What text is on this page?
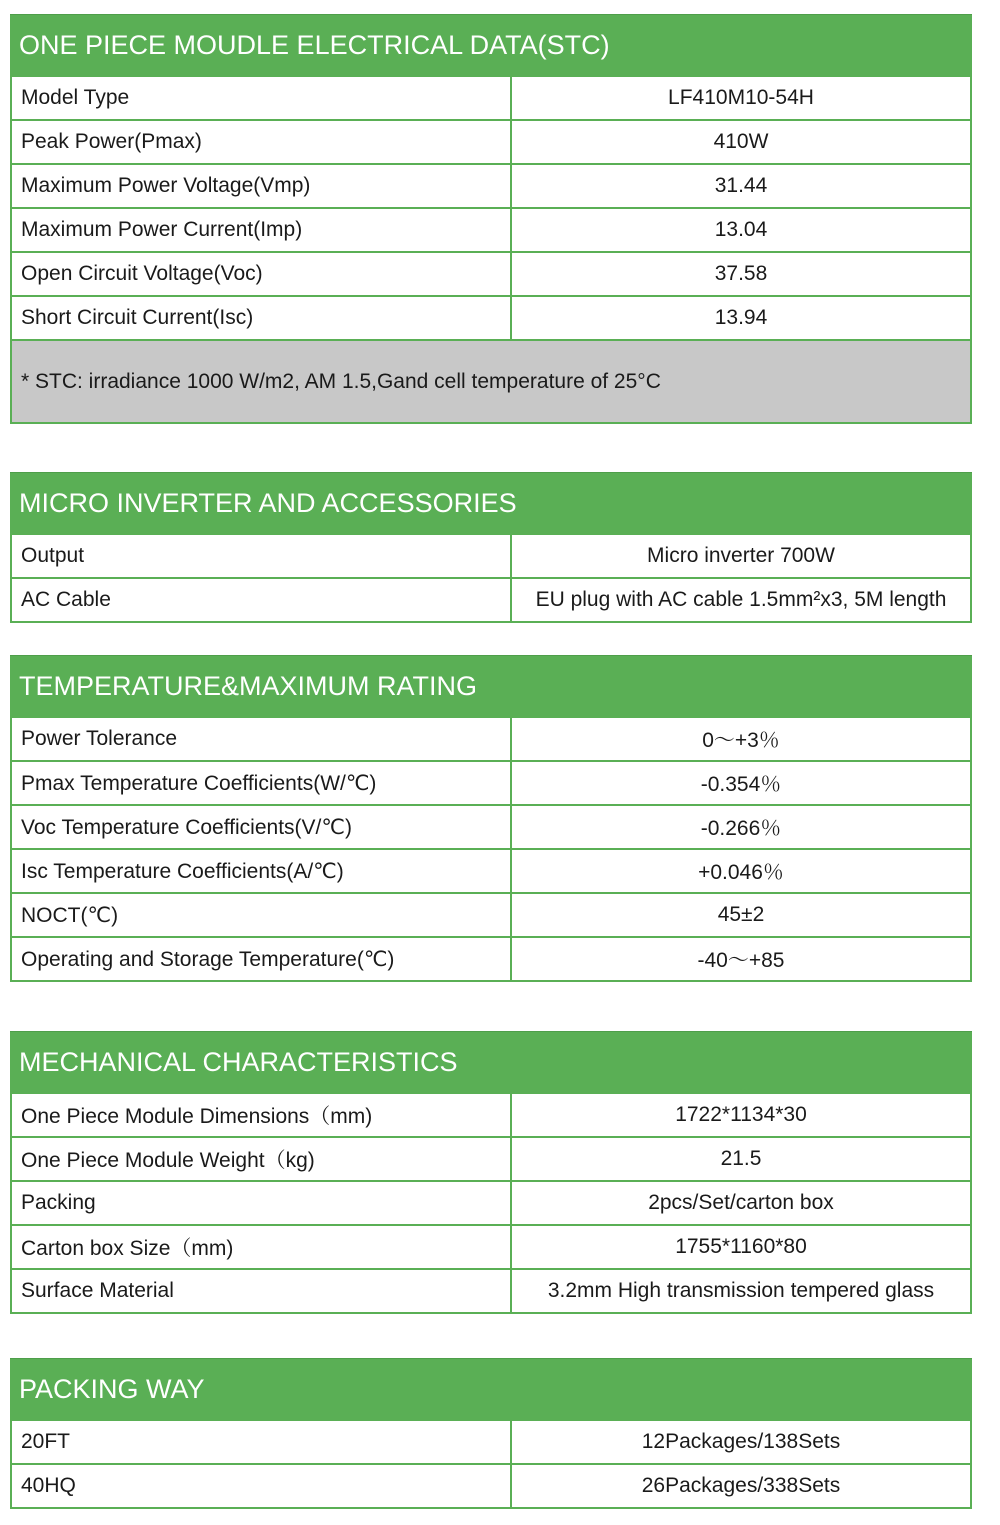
ONE PIECE MOUDLE ELECTRICAL DATA(STC)
Model Type	LF410M10-54H
Peak Power(Pmax)	410W
Maximum Power Voltage(Vmp)	31.44
Maximum Power Current(Imp)	13.04
Open Circuit Voltage(Voc)	37.58
Short Circuit Current(Isc)	13.94
* STC: irradiance 1000 W/m2, AM 1.5,Gand cell temperature of 25°C	
MICRO INVERTER AND ACCESSORIES
Output	Micro inverter 700W
AC Cable	EU plug with AC cable 1.5mm²x3, 5M length
TEMPERATURE&MAXIMUM RATING
Power Tolerance	0～+3％
Pmax Temperature Coefficients(W/℃)	-0.354％
Voc Temperature Coefficients(V/℃)	-0.266％
Isc Temperature Coefficients(A/℃)	+0.046％
NOCT(℃)	45±2
Operating and Storage Temperature(℃)	-40～+85
MECHANICAL CHARACTERISTICS
One Piece Module Dimensions（mm)	1722*1134*30
One Piece Module Weight（kg)	21.5
Packing	2pcs/Set/carton box
Carton box Size（mm)	1755*1160*80
Surface Material	3.2mm High transmission tempered glass
PACKING WAY
20FT	12Packages/138Sets
40HQ	26Packages/338Sets
